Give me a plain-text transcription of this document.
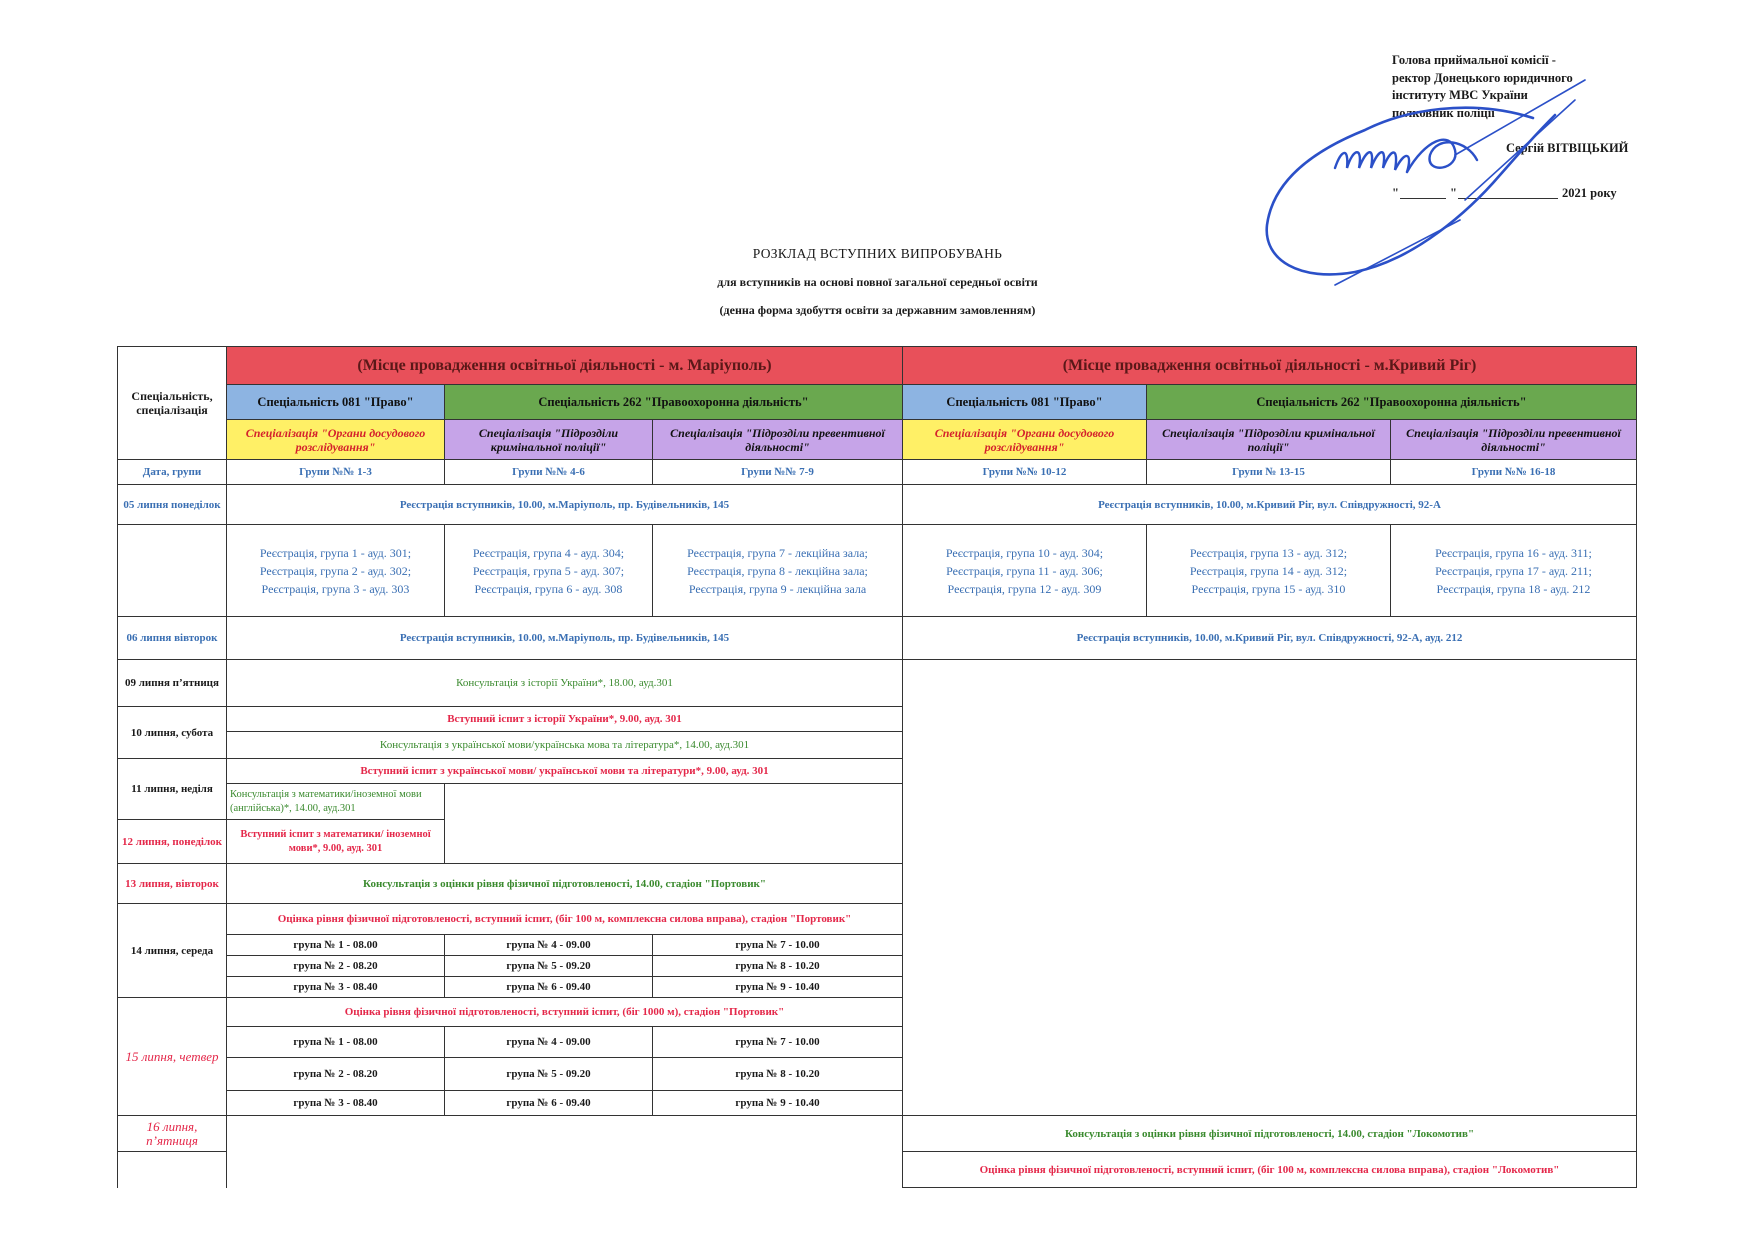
Голова приймальної комісії -
ректор Донецького юридичного
інституту МВС України
полковник поліції
Сергій ВІТВІЦЬКИЙ
"	"	2021 року
РОЗКЛАД ВСТУПНИХ ВИПРОБУВАНЬ
для вступників на основі повної загальної середньої освіти
(денна форма здобуття освіти за державним замовленням)
Спеціальність, спеціалізація	(Місце провадження освітньої діяльності - м. Маріуполь)			(Місце провадження освітньої діяльності - м.Кривий Ріг)		
	Спеціальність 081 "Право"	Спеціальність 262 "Правоохоронна діяльність"		Спеціальність 081 "Право"	Спеціальність 262 "Правоохоронна діяльність"	
	Спеціалізація "Органи досудового розслідування"	Спеціалізація "Підрозділи кримінальної поліції"	Спеціалізація "Підрозділи превентивної діяльності"	Спеціалізація "Органи досудового розслідування"	Спеціалізація "Підрозділи кримінальної поліції"	Спеціалізація "Підрозділи превентивної діяльності"
Дата, групи	Групи №№ 1-3	Групи №№ 4-6	Групи №№ 7-9	Групи №№ 10-12	Групи № 13-15	Групи №№ 16-18
05 липня понеділок	Реєстрація вступників, 10.00, м.Маріуполь, пр. Будівельників, 145			Реєстрація вступників, 10.00, м.Кривий Ріг, вул. Співдружності, 92-А		
	Реєстрація, група 1 - ауд. 301;
Реєстрація, група 2 - ауд. 302;
Реєстрація, група 3 - ауд. 303	Реєстрація, група 4 - ауд. 304;
Реєстрація, група 5 - ауд. 307;
Реєстрація, група 6 - ауд. 308	Реєстрація, група 7 - лекційна зала;
Реєстрація, група 8 - лекційна зала;
Реєстрація, група 9 - лекційна зала	Реєстрація, група 10 - ауд. 304;
Реєстрація, група 11 - ауд. 306;
Реєстрація, група 12 - ауд. 309	Реєстрація, група 13 - ауд. 312;
Реєстрація, група 14 - ауд. 312;
Реєстрація, група 15 - ауд. 310	Реєстрація, група 16 - ауд. 311;
Реєстрація, група 17 - ауд. 211;
Реєстрація, група 18 - ауд. 212
06 липня вівторок	Реєстрація вступників, 10.00, м.Маріуполь, пр. Будівельників, 145			Реєстрація вступників, 10.00, м.Кривий Ріг, вул. Співдружності, 92-А, ауд. 212		
09 липня п’ятниця	Консультація з історії України*, 18.00, ауд.301					
10 липня, субота	Вступний іспит з історії України*, 9.00, ауд. 301					
	Консультація з української мови/українська мова та література*, 14.00, ауд.301					
11 липня, неділя	Вступний іспит з української мови/ української мови та літератури*, 9.00, ауд. 301					
	Консультація з математики/іноземної мови (англійська)*, 14.00, ауд.301					
12 липня, понеділок	Вступний іспит з математики/ іноземної мови*, 9.00, ауд. 301					
13 липня, вівторок	Консультація з оцінки рівня фізичної підготовленості, 14.00, стадіон "Портовик"					
14 липня, середа	Оцінка рівня фізичної підготовленості, вступний іспит, (біг 100 м, комплексна силова вправа), стадіон "Портовик"					
	група № 1 - 08.00	група № 4 - 09.00	група № 7 - 10.00			
	група № 2 - 08.20	група № 5 - 09.20	група № 8 - 10.20			
	група № 3 - 08.40	група № 6 - 09.40	група № 9 - 10.40			
15 липня, четвер	Оцінка рівня фізичної підготовленості, вступний іспит, (біг 1000 м), стадіон "Портовик"					
	група № 1 - 08.00	група № 4 - 09.00	група № 7 - 10.00			
	група № 2 - 08.20	група № 5 - 09.20	група № 8 - 10.20			
	група № 3 - 08.40	група № 6 - 09.40	група № 9 - 10.40			
16 липня, п’ятниця				Консультація з оцінки рівня фізичної підготовленості, 14.00, стадіон "Локомотив"		
				Оцінка рівня фізичної підготовленості, вступний іспит, (біг 100 м, комплексна силова вправа), стадіон "Локомотив"		
